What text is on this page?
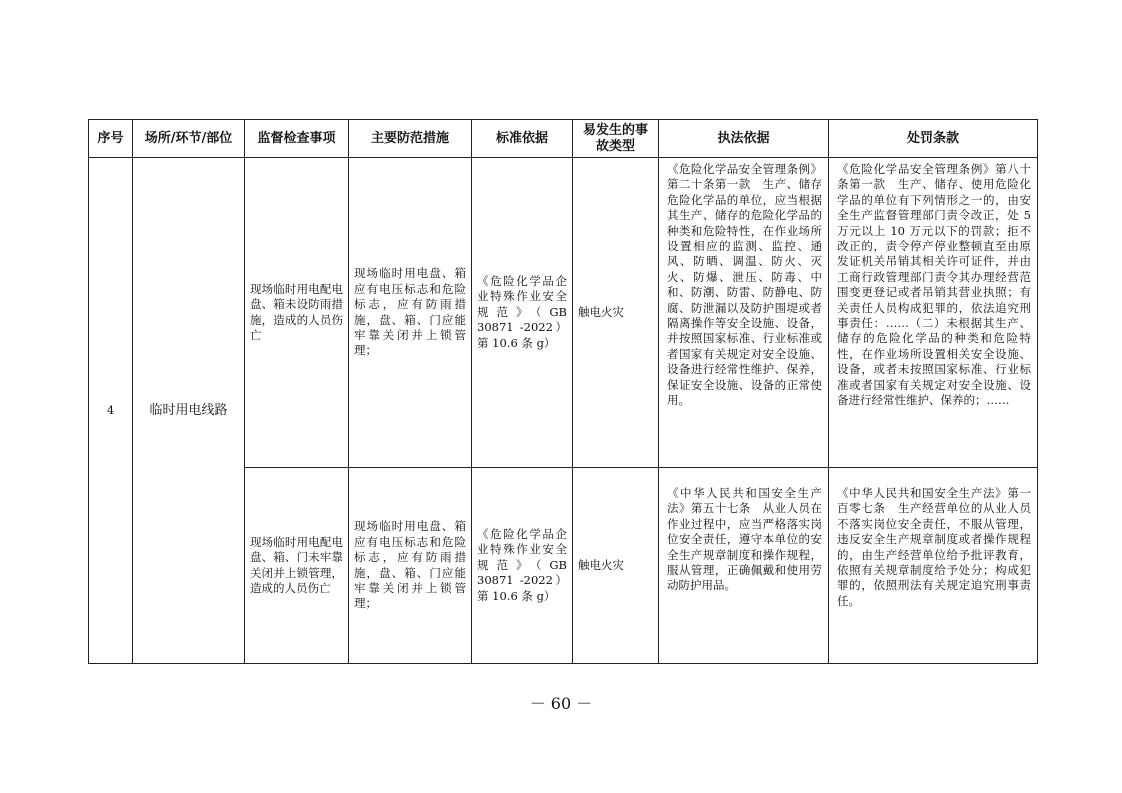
序号	场所/环节/部位	监督检查事项	主要防范措施	标准依据	易发生的事故类型	执法依据	处罚条款
4	临时用电线路	现场临时用电配电盘、箱未设防雨措施，造成的人员伤亡	现场临时用电盘、箱应有电压标志和危险标志，应有防雨措施，盘、箱、门应能牢靠关闭并上锁管理；	《危险化学品企业特殊作业安全规范》（GB 30871 -2022）第 10.6 条 g）	触电火灾	《危险化学品安全管理条例》第二十条第一款　生产、储存危险化学品的单位，应当根据其生产、储存的危险化学品的种类和危险特性，在作业场所设置相应的监测、监控、通风、防晒、调温、防火、灭火、防爆、泄压、防毒、中和、防潮、防雷、防静电、防腐、防泄漏以及防护围堤或者隔离操作等安全设施、设备，并按照国家标准、行业标准或者国家有关规定对安全设施、设备进行经常性维护、保养，保证安全设施、设备的正常使用。	《危险化学品安全管理条例》第八十条第一款　生产、储存、使用危险化学品的单位有下列情形之一的，由安全生产监督管理部门责令改正，处 5 万元以上 10 万元以下的罚款；拒不改正的，责令停产停业整顿直至由原发证机关吊销其相关许可证件，并由工商行政管理部门责令其办理经营范围变更登记或者吊销其营业执照；有关责任人员构成犯罪的，依法追究刑事责任：……（二）未根据其生产、储存的危险化学品的种类和危险特性，在作业场所设置相关安全设施、设备，或者未按照国家标准、行业标准或者国家有关规定对安全设施、设备进行经常性维护、保养的；……
		现场临时用电配电盘、箱、门未牢靠关闭并上锁管理，造成的人员伤亡	现场临时用电盘、箱应有电压标志和危险标志，应有防雨措施，盘、箱、门应能牢靠关闭并上锁管理；	《危险化学品企业特殊作业安全规范》（GB 30871 -2022）第 10.6 条 g）	触电火灾	《中华人民共和国安全生产法》第五十七条　从业人员在作业过程中，应当严格落实岗位安全责任，遵守本单位的安全生产规章制度和操作规程，服从管理，正确佩戴和使用劳动防护用品。	《中华人民共和国安全生产法》第一百零七条　生产经营单位的从业人员不落实岗位安全责任，不服从管理，违反安全生产规章制度或者操作规程的，由生产经营单位给予批评教育，依照有关规章制度给予处分；构成犯罪的，依照刑法有关规定追究刑事责任。
－ 60 －
